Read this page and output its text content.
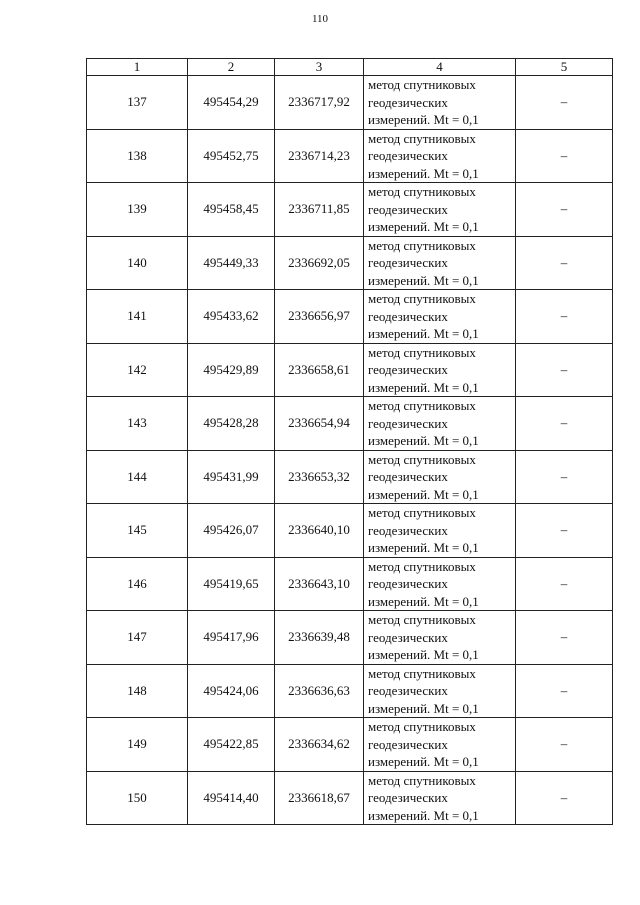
110
1	2	3	4	5
137	495454,29	2336717,92	метод спутниковых
геодезических
измерений. Mt = 0,1	–
138	495452,75	2336714,23	метод спутниковых
геодезических
измерений. Mt = 0,1	–
139	495458,45	2336711,85	метод спутниковых
геодезических
измерений. Mt = 0,1	–
140	495449,33	2336692,05	метод спутниковых
геодезических
измерений. Mt = 0,1	–
141	495433,62	2336656,97	метод спутниковых
геодезических
измерений. Mt = 0,1	–
142	495429,89	2336658,61	метод спутниковых
геодезических
измерений. Mt = 0,1	–
143	495428,28	2336654,94	метод спутниковых
геодезических
измерений. Mt = 0,1	–
144	495431,99	2336653,32	метод спутниковых
геодезических
измерений. Mt = 0,1	–
145	495426,07	2336640,10	метод спутниковых
геодезических
измерений. Mt = 0,1	–
146	495419,65	2336643,10	метод спутниковых
геодезических
измерений. Mt = 0,1	–
147	495417,96	2336639,48	метод спутниковых
геодезических
измерений. Mt = 0,1	–
148	495424,06	2336636,63	метод спутниковых
геодезических
измерений. Mt = 0,1	–
149	495422,85	2336634,62	метод спутниковых
геодезических
измерений. Mt = 0,1	–
150	495414,40	2336618,67	метод спутниковых
геодезических
измерений. Mt = 0,1	–
